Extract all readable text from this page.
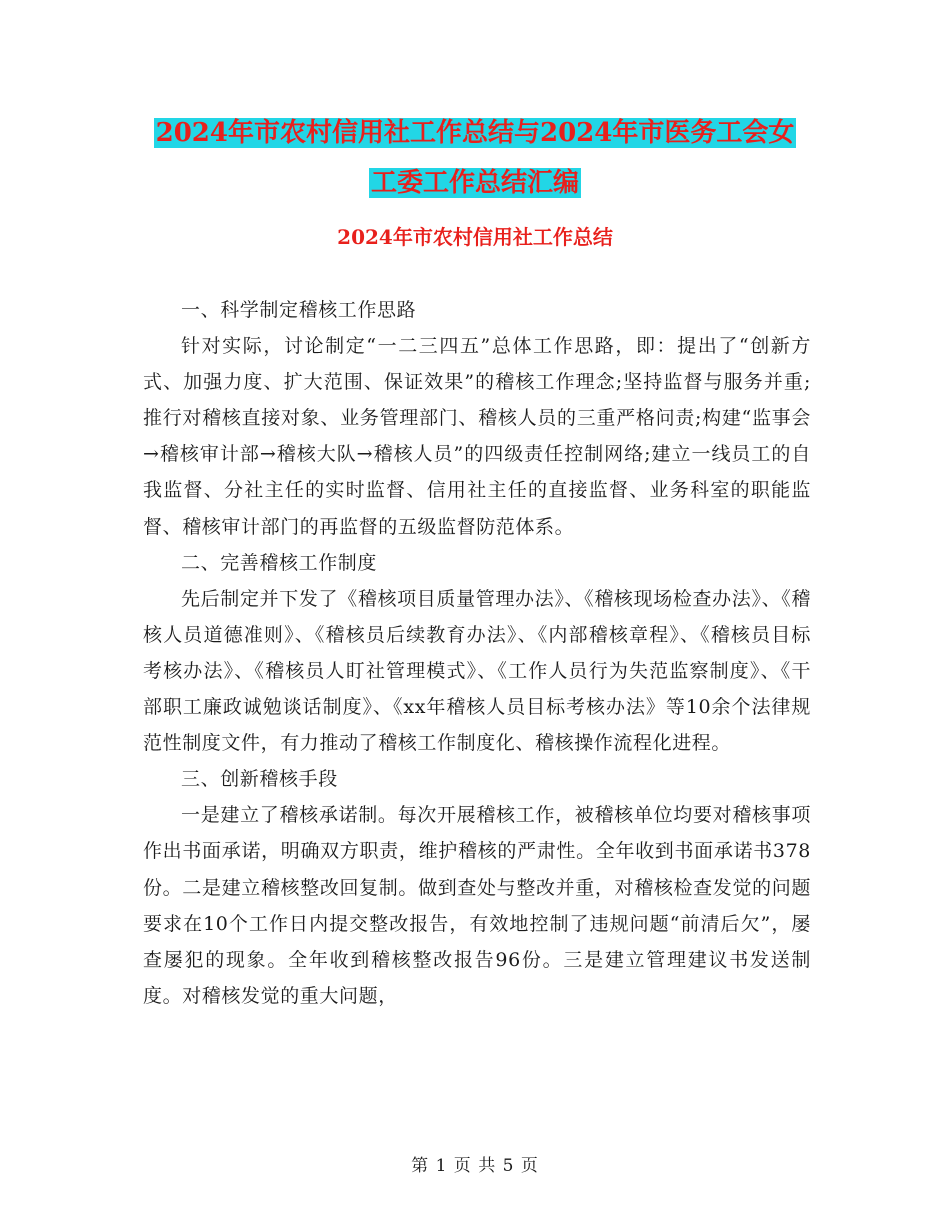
2024年市农村信用社工作总结与2024年市医务工会女
工委工作总结汇编
2024年市农村信用社工作总结

一、科学制定稽核工作思路

针对实际，讨论制定“一二三四五”总体工作思路，即：提出了“创新方式、加强力度、扩大范围、保证效果”的稽核工作理念;坚持监督与服务并重;推行对稽核直接对象、业务管理部门、稽核人员的三重严格问责;构建“监事会→稽核审计部→稽核大队→稽核人员”的四级责任控制网络;建立一线员工的自我监督、分社主任的实时监督、信用社主任的直接监督、业务科室的职能监督、稽核审计部门的再监督的五级监督防范体系。

二、完善稽核工作制度

先后制定并下发了《稽核项目质量管理办法》、《稽核现场检查办法》、《稽核人员道德准则》、《稽核员后续教育办法》、《内部稽核章程》、《稽核员目标考核办法》、《稽核员人盯社管理模式》、《工作人员行为失范监察制度》、《干部职工廉政诚勉谈话制度》、《xx年稽核人员目标考核办法》等10余个法律规范性制度文件，有力推动了稽核工作制度化、稽核操作流程化进程。

三、创新稽核手段

一是建立了稽核承诺制。每次开展稽核工作，被稽核单位均要对稽核事项作出书面承诺，明确双方职责，维护稽核的严肃性。全年收到书面承诺书378份。二是建立稽核整改回复制。做到查处与整改并重，对稽核检查发觉的问题要求在10个工作日内提交整改报告，有效地控制了违规问题“前清后欠”，屡查屡犯的现象。全年收到稽核整改报告96份。三是建立管理建议书发送制度。对稽核发觉的重大问题，

第 1 页 共 5 页
